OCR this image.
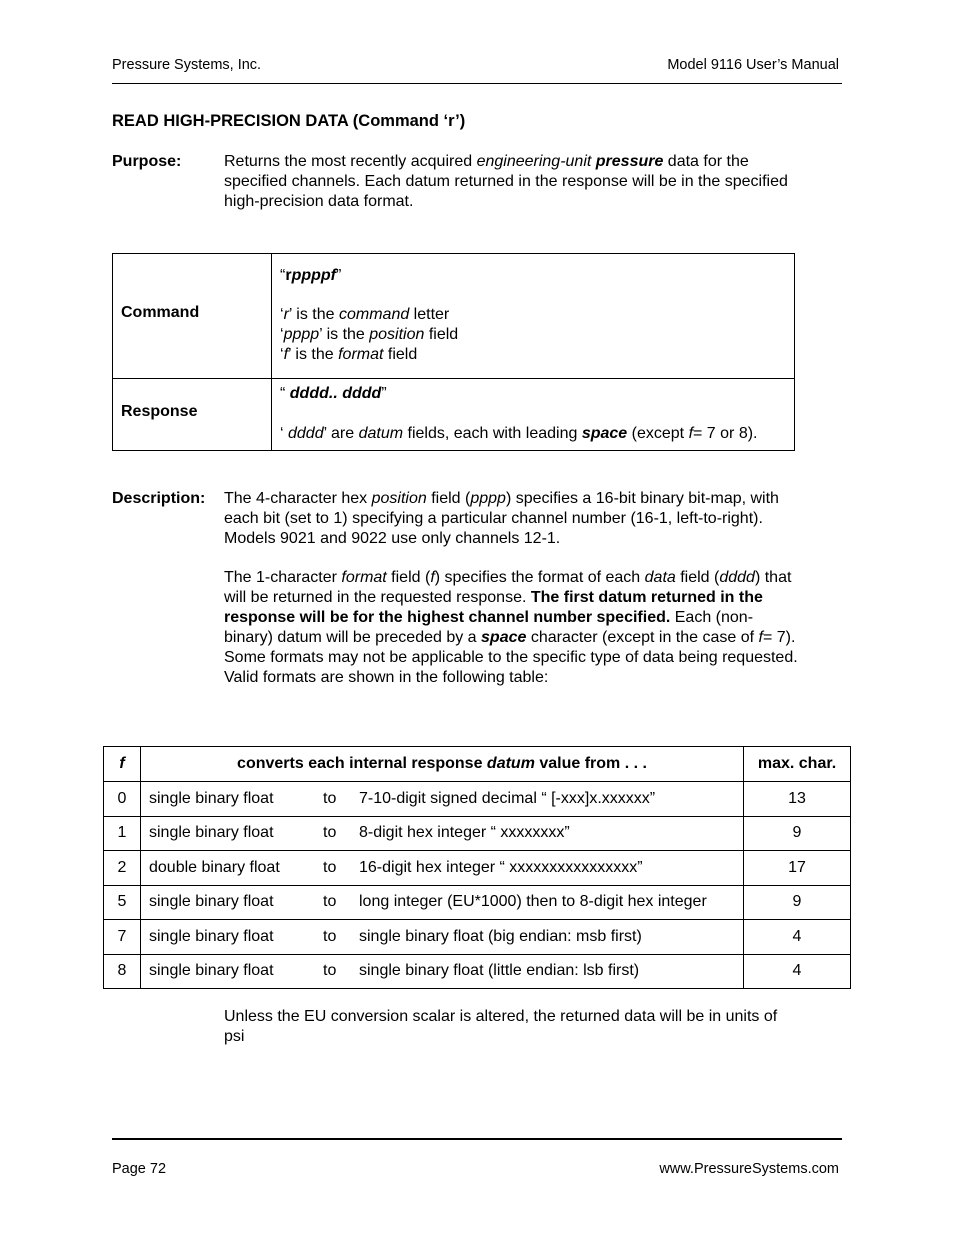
Pressure Systems, Inc.	Model 9116 User’s Manual
READ HIGH-PRECISION DATA (Command ‘r’)
Purpose:	Returns the most recently acquired engineering-unit pressure data for the
specified channels. Each datum returned in the response will be in the specified
high-precision data format.
Command	“rppppf”
‘r’ is the command letter
‘pppp’ is the position field
‘f’ is the format field

Response	“ dddd.. dddd”
‘ dddd’ are datum fields, each with leading space (except f= 7 or 8).
Description: The 4-character hex position field (pppp) specifies a 16-bit binary bit-map, with
each bit (set to 1) specifying a particular channel number (16-1, left-to-right).
Models 9021 and 9022 use only channels 12-1.
The 1-character format field (f) specifies the format of each data field (dddd) that
will be returned in the requested response. The first datum returned in the
response will be for the highest channel number specified. Each (non-
binary) datum will be preceded by a space character (except in the case of f= 7).
Some formats may not be applicable to the specific type of data being requested.
Valid formats are shown in the following table:
f	converts each internal response datum value from . . .	max. char.
0	single binary float to 7-10-digit signed decimal “ [-xxx]x.xxxxxx”	13
1	single binary float to 8-digit hex integer “ xxxxxxxx”	9
2	double binary float to 16-digit hex integer “ xxxxxxxxxxxxxxxx”	17
5	single binary float to long integer (EU*1000) then to 8-digit hex integer	9
7	single binary float to single binary float (big endian: msb first)	4
8	single binary float to single binary float (little endian: lsb first)	4
Unless the EU conversion scalar is altered, the returned data will be in units of
psi
Page 72	www.PressureSystems.com
